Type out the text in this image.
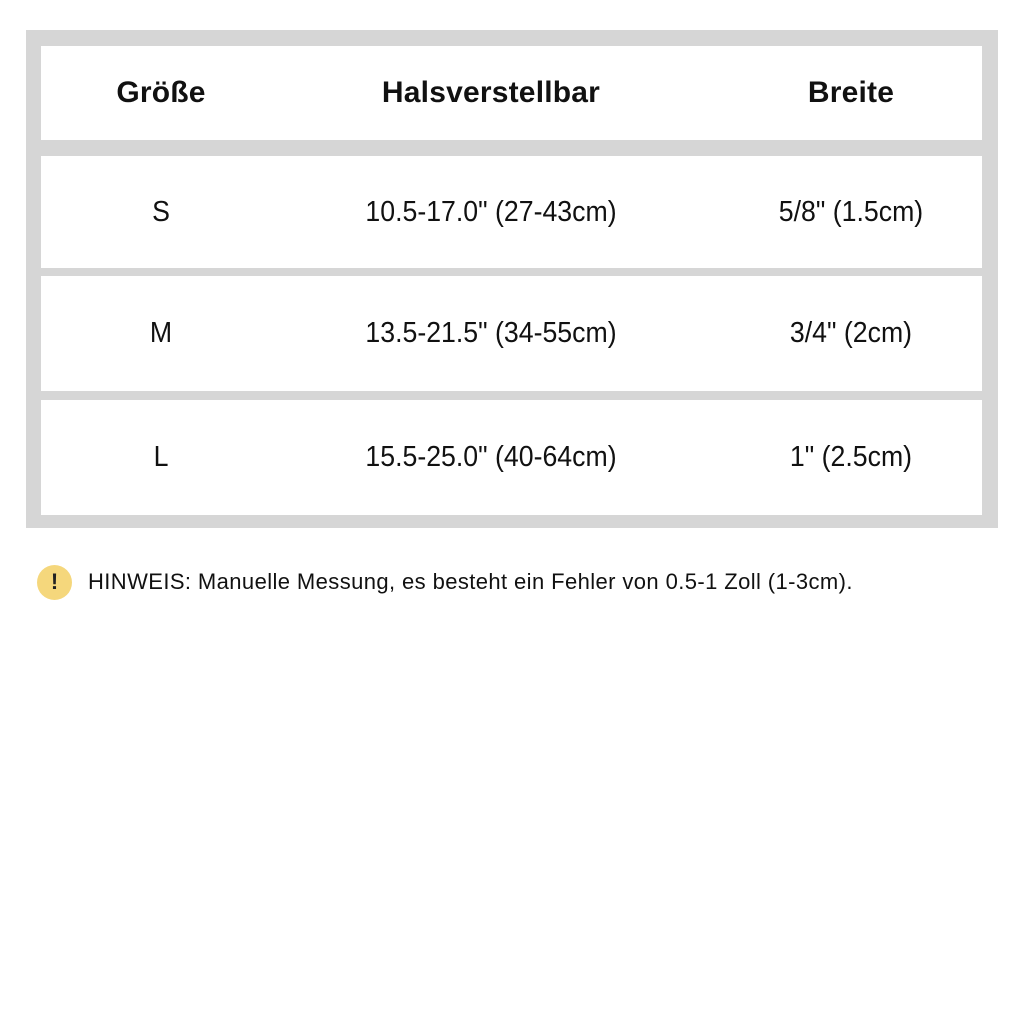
Größe	Halsverstellbar	Breite
S	10.5-17.0" (27-43cm)	5/8" (1.5cm)
M	13.5-21.5" (34-55cm)	3/4" (2cm)
L	15.5-25.0" (40-64cm)	1" (2.5cm)
!	HINWEIS: Manuelle Messung, es besteht ein Fehler von 0.5-1 Zoll (1-3cm).
